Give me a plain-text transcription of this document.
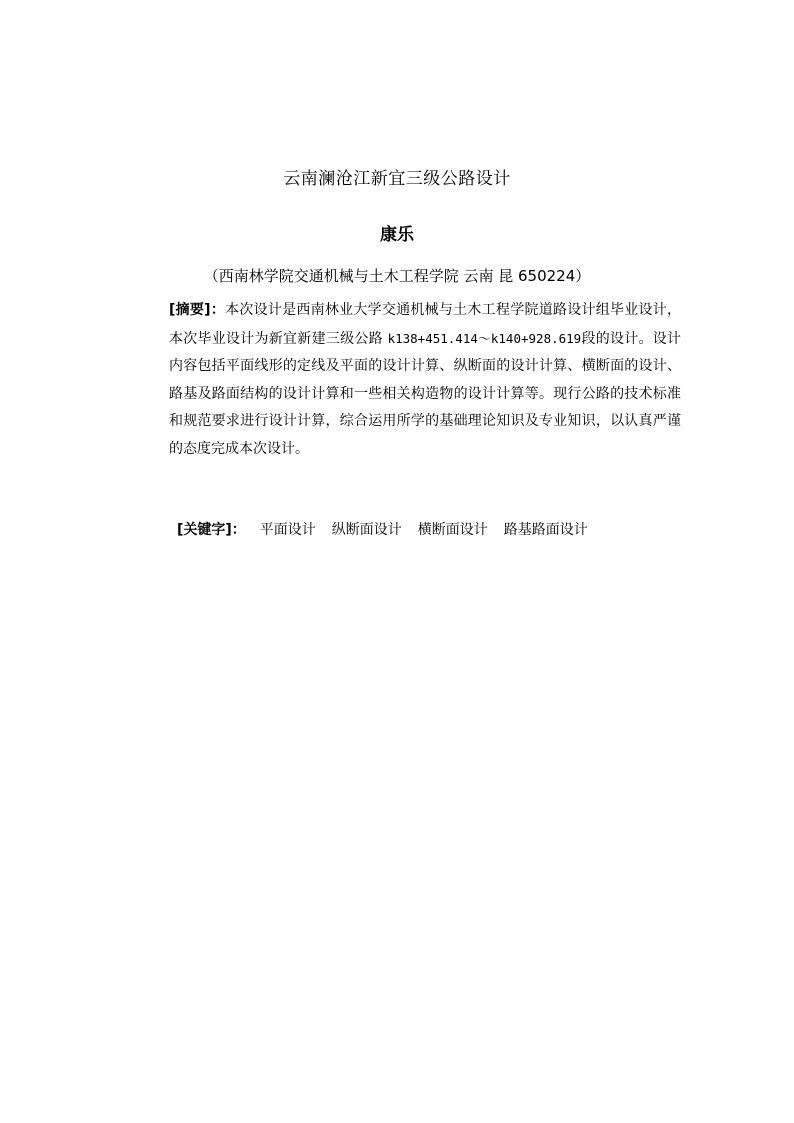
云南澜沧江新宜三级公路设计
康乐
（西南林学院交通机械与土木工程学院 云南 昆 650224）
[摘要]：本次设计是西南林业大学交通机械与土木工程学院道路设计组毕业设计，本次毕业设计为新宜新建三级公路 k138+451.414～k140+928.619段的设计。设计内容包括平面线形的定线及平面的设计计算、纵断面的设计计算、横断面的设计、路基及路面结构的设计计算和一些相关构造物的设计计算等。现行公路的技术标准和规范要求进行设计计算，综合运用所学的基础理论知识及专业知识，以认真严谨的态度完成本次设计。
[关键字]： 平面设计 纵断面设计 横断面设计 路基路面设计
